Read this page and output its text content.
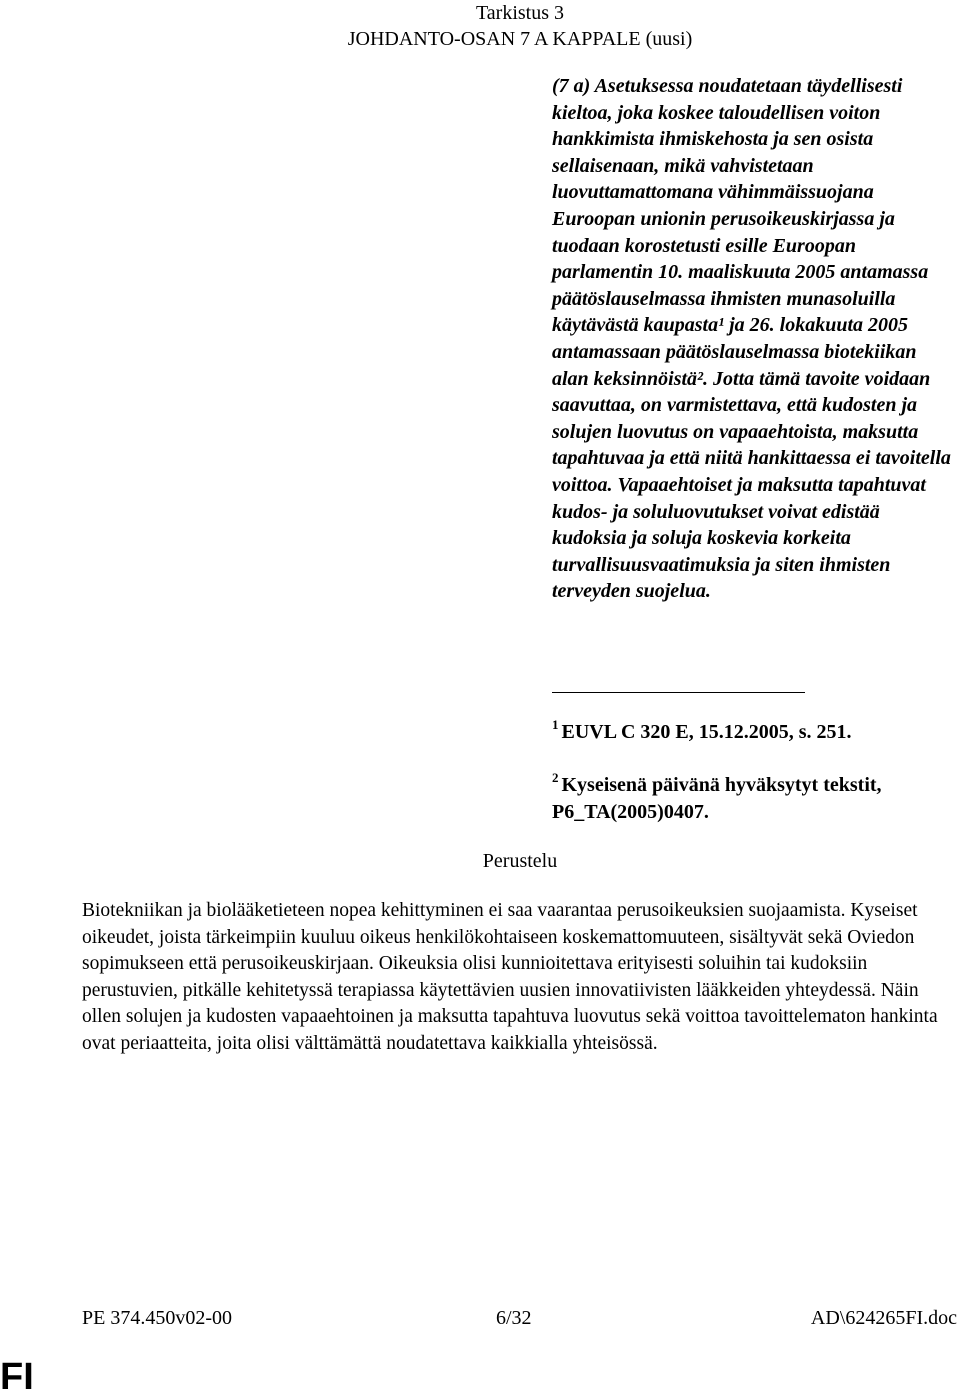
Tarkistus 3
JOHDANTO-OSAN 7 A KAPPALE (uusi)
(7 a) Asetuksessa noudatetaan täydellisesti kieltoa, joka koskee taloudellisen voiton hankkimista ihmiskehosta ja sen osista sellaisenaan, mikä vahvistetaan luovuttamattomana vähimmäissuojana Euroopan unionin perusoikeuskirjassa ja tuodaan korostetusti esille Euroopan parlamentin 10. maaliskuuta 2005 antamassa päätöslauselmassa ihmisten munasoluilla käytävästä kaupasta¹ ja 26. lokakuuta 2005 antamassaan päätöslauselmassa biotekiikan alan keksinnöistä². Jotta tämä tavoite voidaan saavuttaa, on varmistettava, että kudosten ja solujen luovutus on vapaaehtoista, maksutta tapahtuvaa ja että niitä hankittaessa ei tavoitella voittoa. Vapaaehtoiset ja maksutta tapahtuvat kudos- ja soluluovutukset voivat edistää kudoksia ja soluja koskevia korkeita turvallisuusvaatimuksia ja siten ihmisten terveyden suojelua.
$^1$ EUVL C 320 E, 15.12.2005, s. 251.
$^2$ Kyseisenä päivänä hyväksytyt tekstit, P6_TA(2005)0407.
Perustelu
Biotekniikan ja biolääketieteen nopea kehittyminen ei saa vaarantaa perusoikeuksien suojaamista. Kyseiset oikeudet, joista tärkeimpiin kuuluu oikeus henkilökohtaiseen koskemattomuuteen, sisältyvät sekä Oviedon sopimukseen että perusoikeuskirjaan. Oikeuksia olisi kunnioitettava erityisesti soluihin tai kudoksiin perustuvien, pitkälle kehitetyssä terapiassa käytettävien uusien innovatiivisten lääkkeiden yhteydessä. Näin ollen solujen ja kudosten vapaaehtoinen ja maksutta tapahtuva luovutus sekä voittoa tavoittelematon hankinta ovat periaatteita, joita olisi välttämättä noudatettava kaikkialla yhteisössä.
PE 374.450v02-00	6/32	AD\624265FI.doc
FI
